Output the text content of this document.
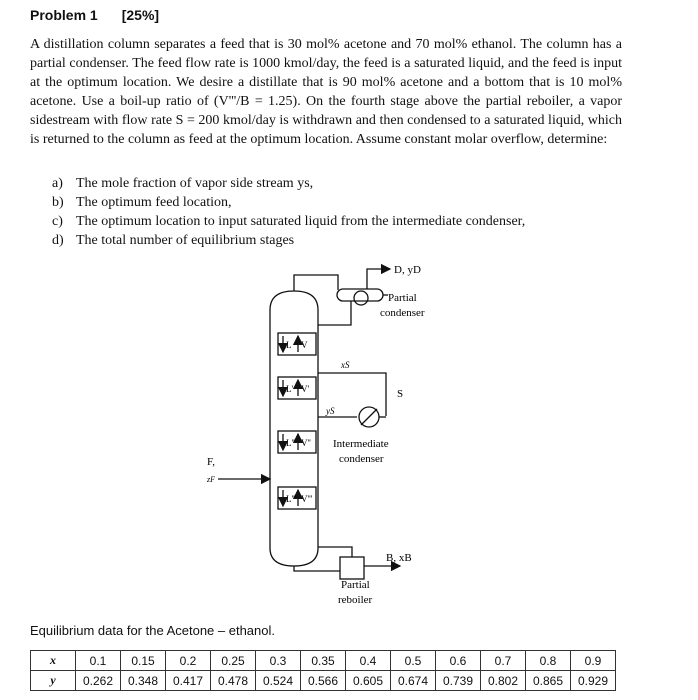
Problem 1 [25%]

A distillation column separates a feed that is 30 mol% acetone and 70 mol% ethanol. The column has a partial condenser. The feed flow rate is 1000 kmol/day, the feed is a saturated liquid, and the feed is input at the optimum location. We desire a distillate that is 90 mol% acetone and a bottom that is 10 mol% acetone. Use a boil-up ratio of (V'''/B = 1.25). On the fourth stage above the partial reboiler, a vapor sidestream with flow rate S = 200 kmol/day is withdrawn and then condensed to a saturated liquid, which is returned to the column as feed at the optimum location. Assume constant molar overflow, determine:

a) The mole fraction of vapor side stream ys,
b) The optimum feed location,
c) The optimum location to input saturated liquid from the intermediate condenser,
d) The total number of equilibrium stages
L V
L' V'
L'' V''
L''' V'''
D, yD
Partial
condenser
xS
S
yS
Intermediate
condenser
F,
zF
B, xB
Partial
reboiler
Equilibrium data for the Acetone – ethanol.
x	0.1	0.15	0.2	0.25	0.3	0.35	0.4	0.5	0.6	0.7	0.8	0.9
y	0.262	0.348	0.417	0.478	0.524	0.566	0.605	0.674	0.739	0.802	0.865	0.929
